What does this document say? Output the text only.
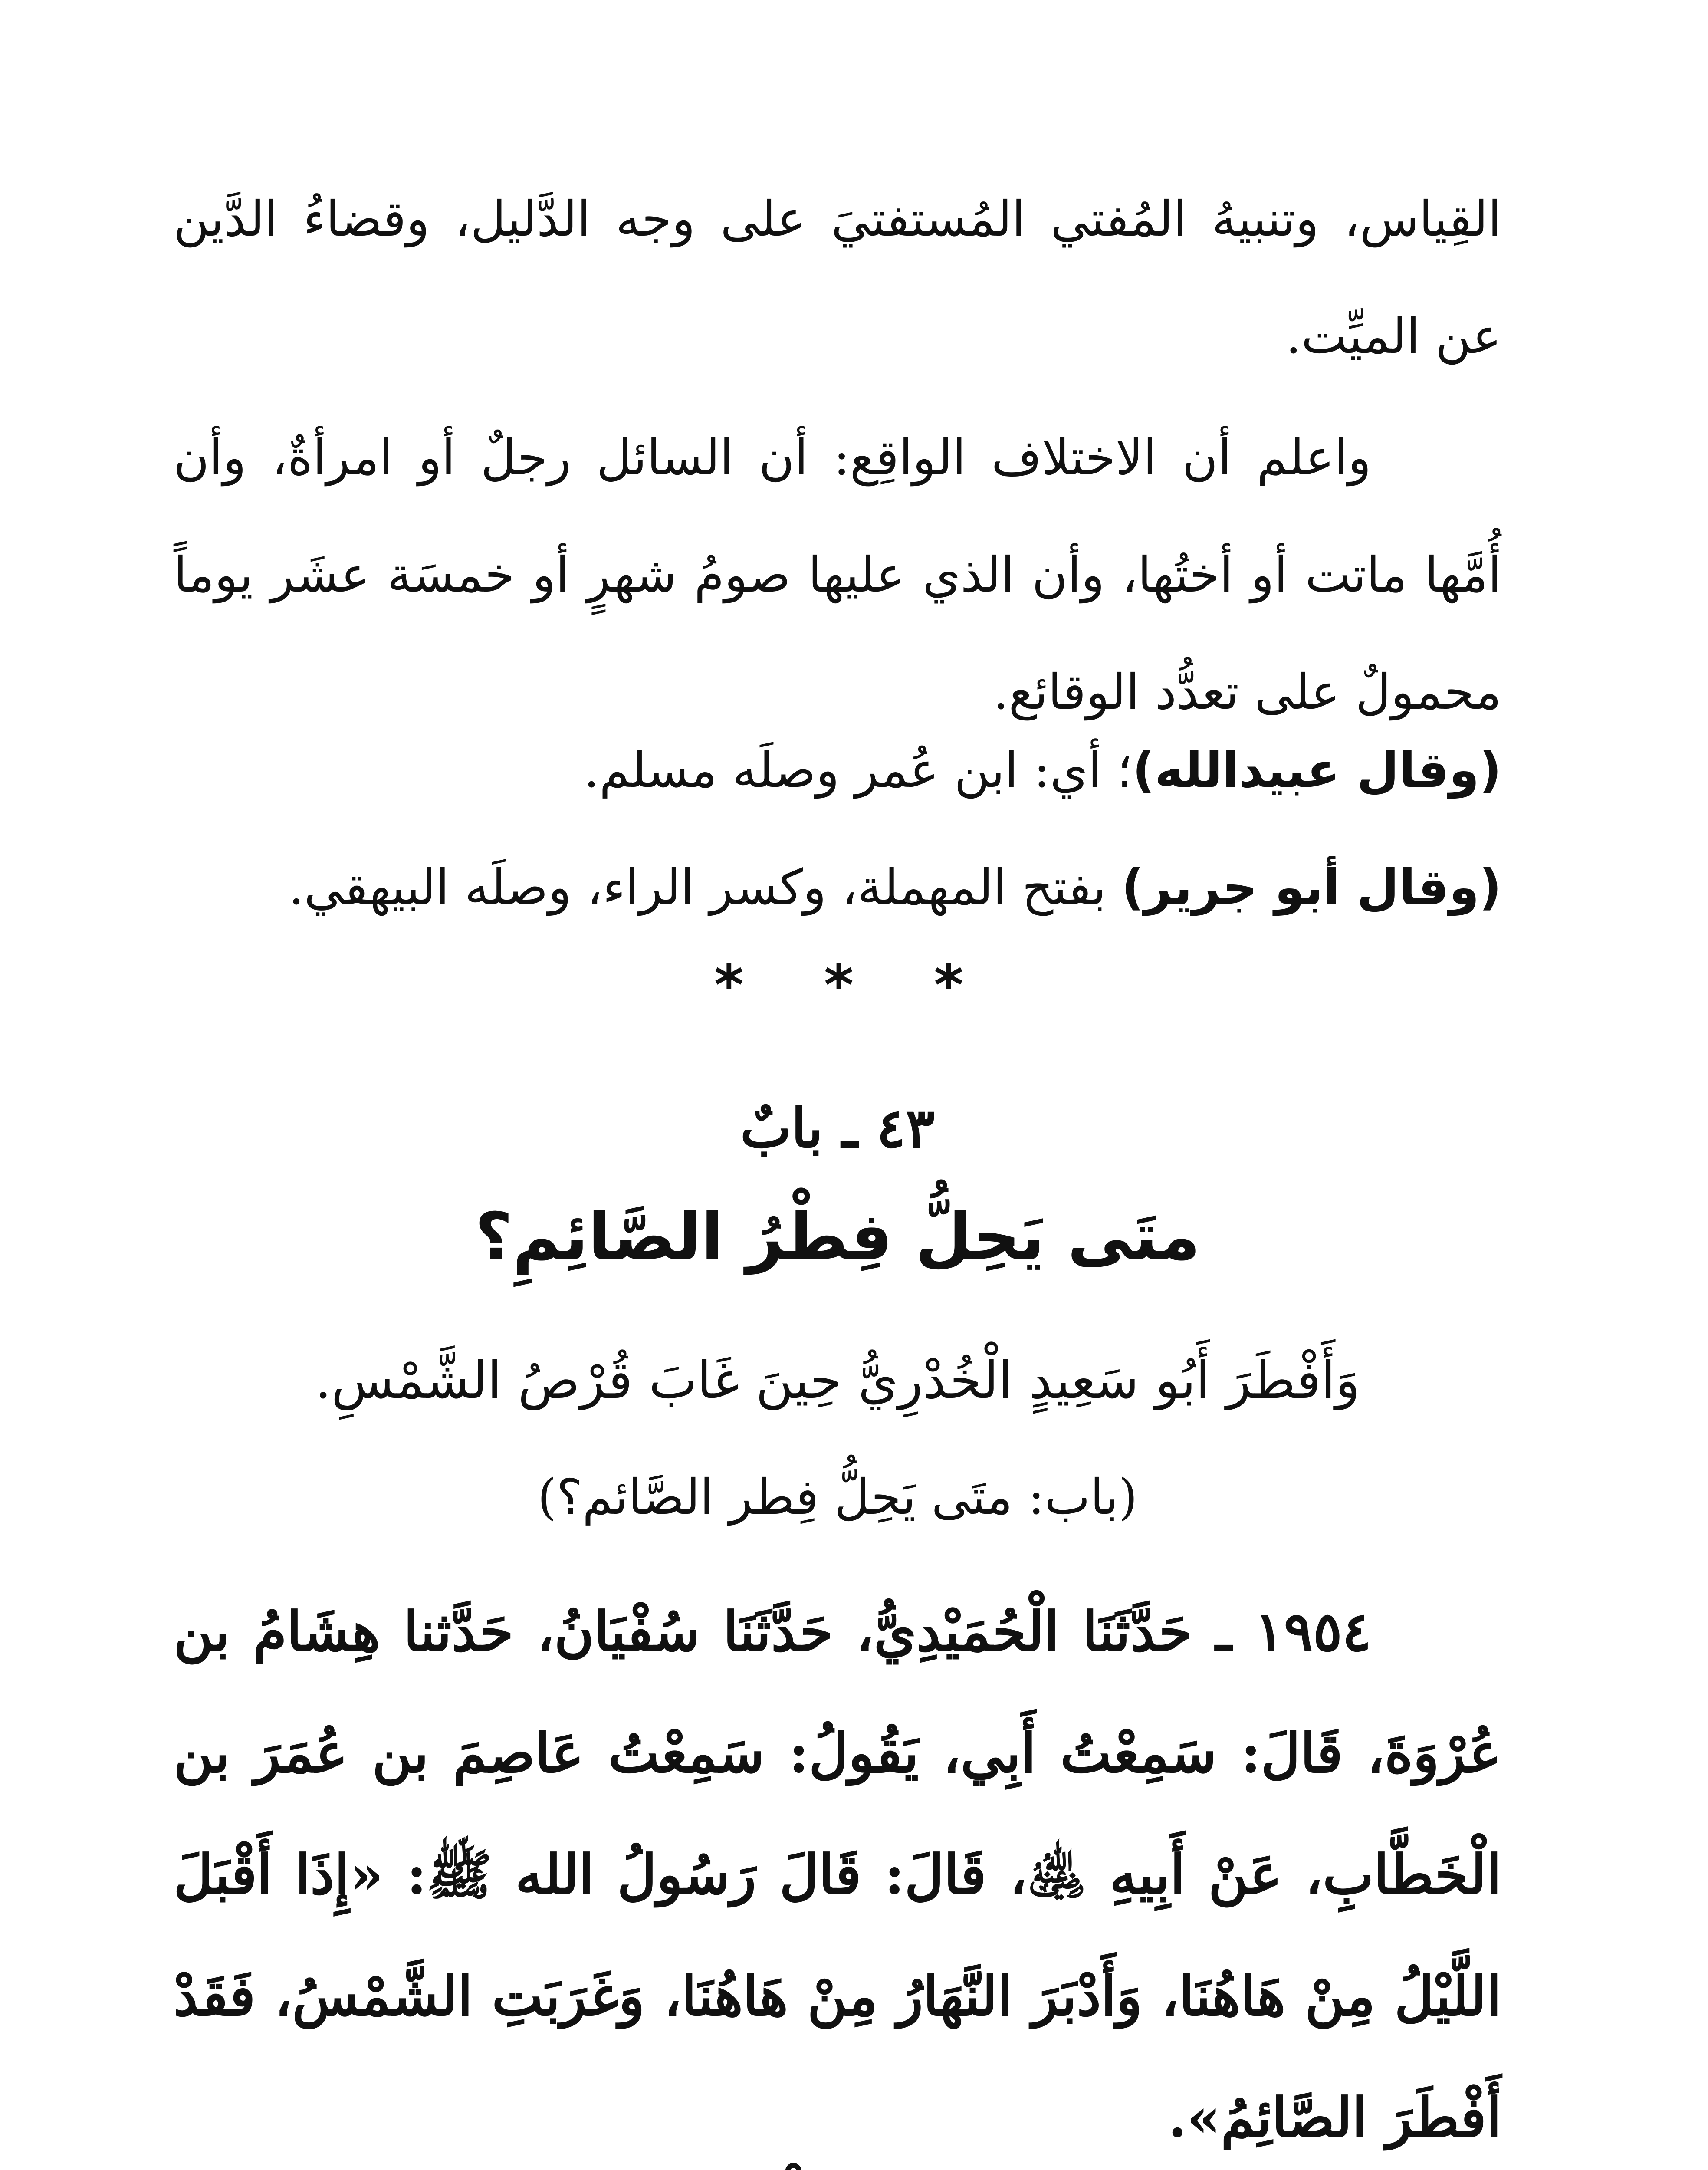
القِياس، وتنبيهُ المُفتي المُستفتيَ على وجه الدَّليل، وقضاءُ الدَّين عن الميِّت.
واعلم أن الاختلاف الواقِع: أن السائل رجلٌ أو امرأةٌ، وأن أُمَّها ماتت أو أختُها، وأن الذي عليها صومُ شهرٍ أو خمسَة عشَر يوماً محمولٌ على تعدُّد الوقائع.
(وقال عبيدالله)؛ أي: ابن عُمر وصلَه مسلم.
(وقال أبو جرير) بفتح المهملة، وكسر الراء، وصلَه البيهقي.
* * *
٤٣ ـ بابٌ
متَى يَحِلُّ فِطْرُ الصَّائِمِ؟
وَأَفْطَرَ أَبُو سَعِيدٍ الْخُدْرِيُّ حِينَ غَابَ قُرْصُ الشَّمْسِ.
(باب: متَى يَحِلُّ فِطر الصَّائم؟)
١٩٥٤ ـ حَدَّثَنَا الْحُمَيْدِيُّ، حَدَّثَنَا سُفْيَانُ، حَدَّثنا هِشَامُ بن عُرْوَةَ، قَالَ: سَمِعْتُ أَبِي، يَقُولُ: سَمِعْتُ عَاصِمَ بن عُمَرَ بن الْخَطَّابِ، عَنْ أَبِيهِ ﵁، قَالَ: قَالَ رَسُولُ الله ﷺ: «إِذَا أَقْبَلَ اللَّيْلُ مِنْ هَاهُنَا، وَأَدْبَرَ النَّهَارُ مِنْ هَاهُنَا، وَغَرَبَتِ الشَّمْسُ، فَقَدْ أَفْطَرَ الصَّائِمُ».
